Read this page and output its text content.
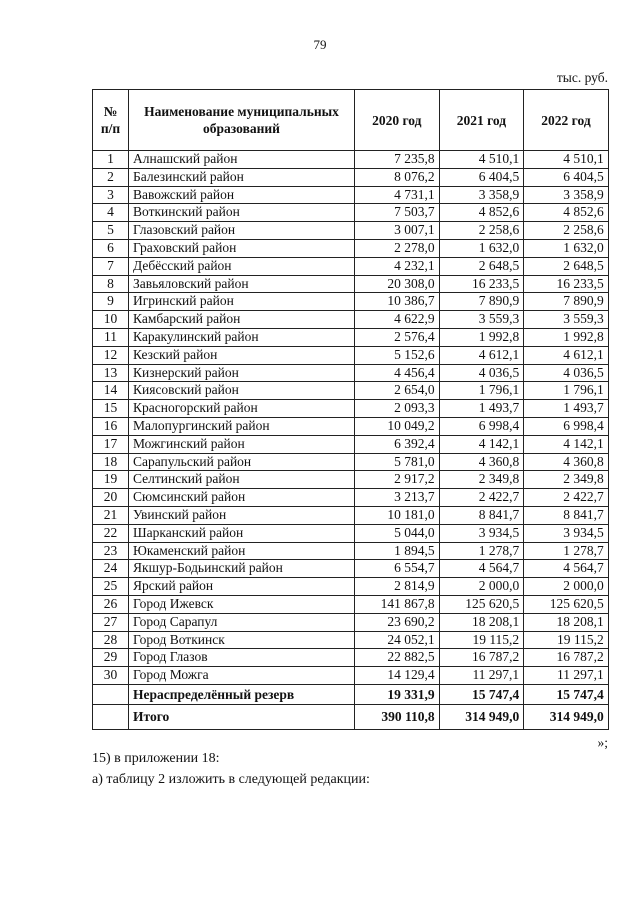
79
тыс. руб.
№ п/п	Наименование муниципальных образований	2020 год	2021 год	2022 год
1	Алнашский район	7 235,8	4 510,1	4 510,1
2	Балезинский район	8 076,2	6 404,5	6 404,5
3	Вавожский район	4 731,1	3 358,9	3 358,9
4	Воткинский район	7 503,7	4 852,6	4 852,6
5	Глазовский район	3 007,1	2 258,6	2 258,6
6	Граховский район	2 278,0	1 632,0	1 632,0
7	Дебёсский район	4 232,1	2 648,5	2 648,5
8	Завьяловский район	20 308,0	16 233,5	16 233,5
9	Игринский район	10 386,7	7 890,9	7 890,9
10	Камбарский район	4 622,9	3 559,3	3 559,3
11	Каракулинский район	2 576,4	1 992,8	1 992,8
12	Кезский район	5 152,6	4 612,1	4 612,1
13	Кизнерский район	4 456,4	4 036,5	4 036,5
14	Киясовский район	2 654,0	1 796,1	1 796,1
15	Красногорский район	2 093,3	1 493,7	1 493,7
16	Малопургинский район	10 049,2	6 998,4	6 998,4
17	Можгинский район	6 392,4	4 142,1	4 142,1
18	Сарапульский район	5 781,0	4 360,8	4 360,8
19	Селтинский район	2 917,2	2 349,8	2 349,8
20	Сюмсинский район	3 213,7	2 422,7	2 422,7
21	Увинский район	10 181,0	8 841,7	8 841,7
22	Шарканский район	5 044,0	3 934,5	3 934,5
23	Юкаменский район	1 894,5	1 278,7	1 278,7
24	Якшур-Бодьинский район	6 554,7	4 564,7	4 564,7
25	Ярский район	2 814,9	2 000,0	2 000,0
26	Город Ижевск	141 867,8	125 620,5	125 620,5
27	Город Сарапул	23 690,2	18 208,1	18 208,1
28	Город Воткинск	24 052,1	19 115,2	19 115,2
29	Город Глазов	22 882,5	16 787,2	16 787,2
30	Город Можга	14 129,4	11 297,1	11 297,1
	Нераспределённый резерв	19 331,9	15 747,4	15 747,4
	Итого	390 110,8	314 949,0	314 949,0
»;
15) в приложении 18:
а) таблицу 2 изложить в следующей редакции:
